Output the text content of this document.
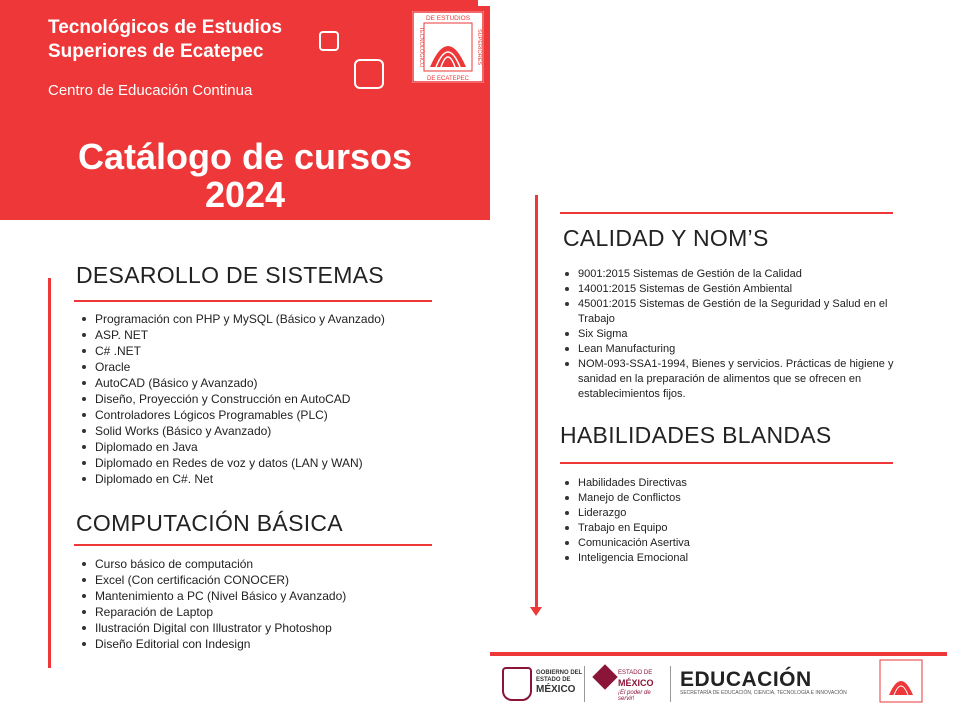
Tecnológicos de Estudios
Superiores de Ecatepec
Centro de Educación Continua
Catálogo de cursos
2024
DE ESTUDIOS
DE ECATEPEC
TECNOLÓGICO	SUPERIORES
DESAROLLO DE SISTEMAS
Programación con PHP y MySQL (Básico y Avanzado)
ASP. NET
C# .NET
Oracle
AutoCAD (Básico y Avanzado)
Diseño, Proyección y Construcción en AutoCAD
Controladores Lógicos Programables (PLC)
Solid Works (Básico y Avanzado)
Diplomado en Java
Diplomado en Redes de voz y datos (LAN y WAN)
Diplomado en C#. Net
COMPUTACIÓN BÁSICA
Curso básico de computación
Excel (Con certificación CONOCER)
Mantenimiento a PC (Nivel Básico y Avanzado)
Reparación de Laptop
Ilustración Digital con Illustrator y Photoshop
Diseño Editorial con Indesign
CALIDAD Y NOM’S
9001:2015 Sistemas de Gestión de la Calidad
14001:2015 Sistemas de Gestión Ambiental
45001:2015 Sistemas de Gestión de la Seguridad y Salud en el Trabajo
Six Sigma
Lean Manufacturing
NOM-093-SSA1-1994, Bienes y servicios. Prácticas de higiene y sanidad en la preparación de alimentos que se ofrecen en establecimientos fijos.
HABILIDADES BLANDAS
Habilidades Directivas
Manejo de Conflictos
Liderazgo
Trabajo en Equipo
Comunicación Asertiva
Inteligencia Emocional
GOBIERNO DEL
ESTADO DE
MÉXICO
ESTADO DE
MÉXICO
¡El poder de servir!
EDUCACIÓN
SECRETARÍA DE EDUCACIÓN, CIENCIA, TECNOLOGÍA E INNOVACIÓN
